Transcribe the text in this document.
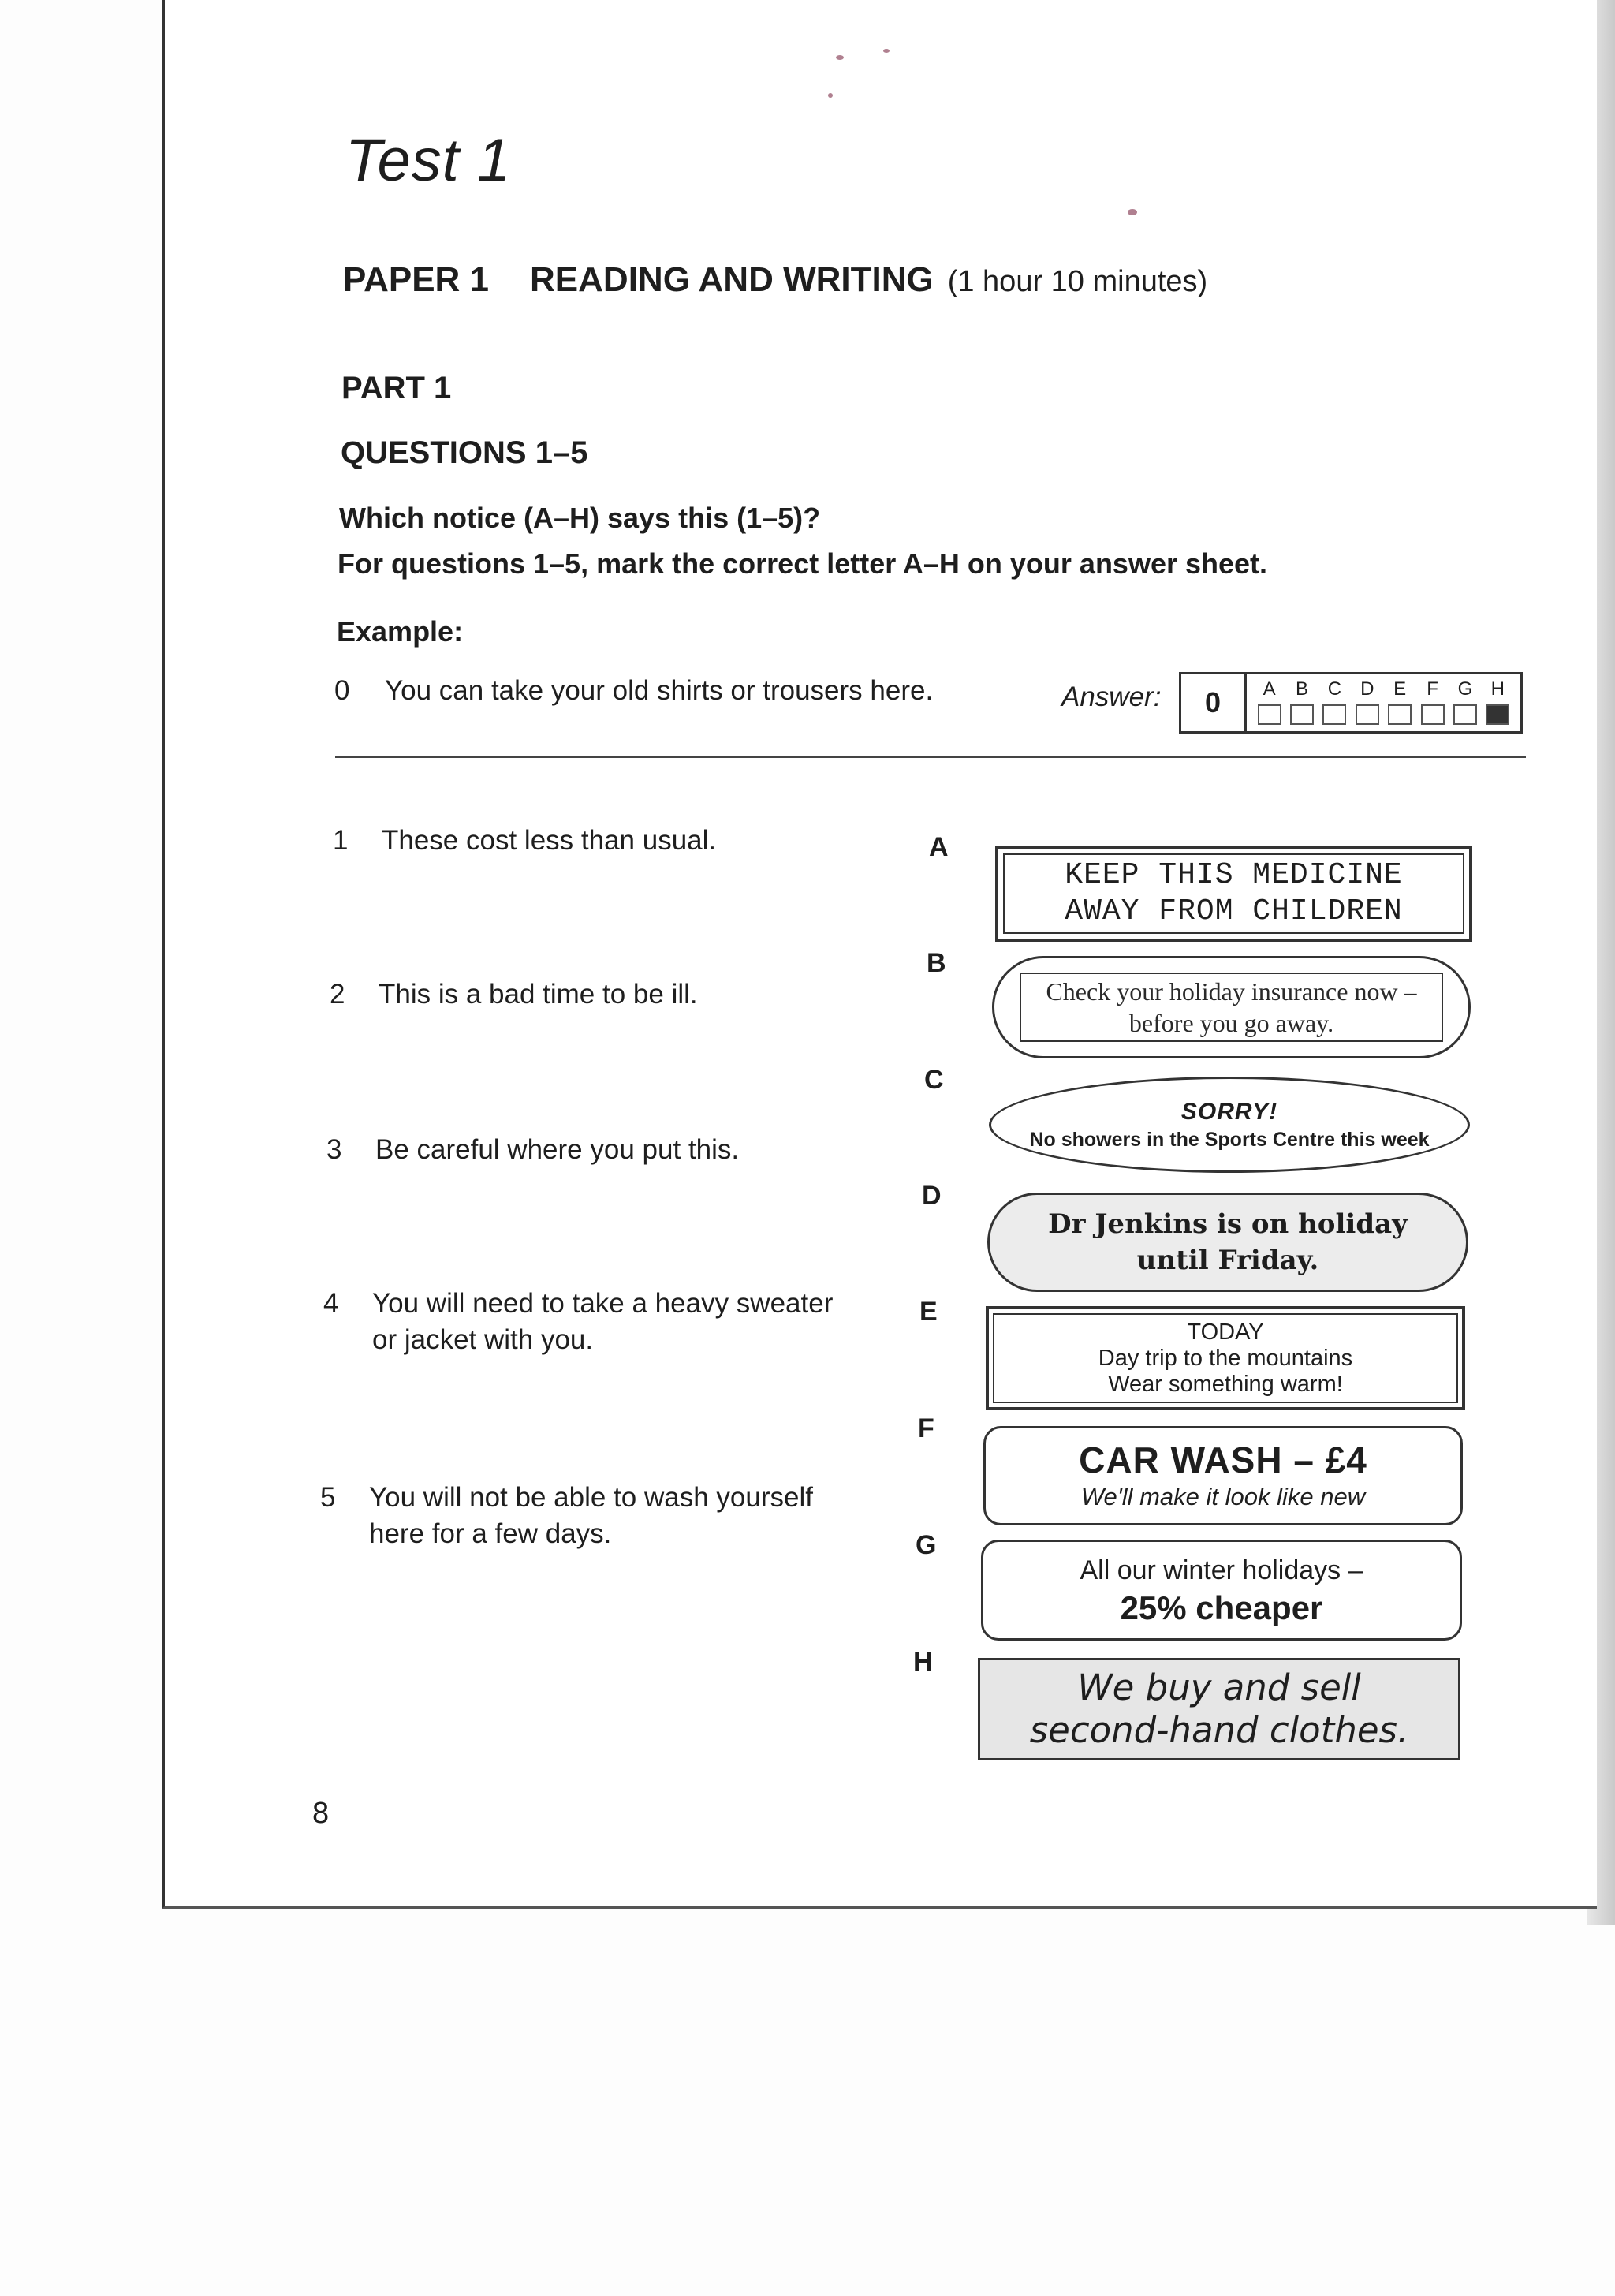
Test 1
PAPER 1 READING AND WRITING (1 hour 10 minutes)
PART 1
QUESTIONS 1–5
Which notice (A–H) says this (1–5)?
For questions 1–5, mark the correct letter A–H on your answer sheet.
Example:
0 You can take your old shirts or trousers here.	Answer:	0	A B C D E F G H
1 These cost less than usual.
2 This is a bad time to be ill.
3 Be careful where you put this.
4 You will need to take a heavy sweater
or jacket with you.
5 You will not be able to wash yourself
here for a few days.
A
B
C
D
E
F
G
H
KEEP THIS MEDICINE
AWAY FROM CHILDREN
Check your holiday insurance now –
before you go away.
SORRY!
No showers in the Sports Centre this week
Dr Jenkins is on holiday
until Friday.
TODAY
Day trip to the mountains
Wear something warm!
CAR WASH – £4
We'll make it look like new
All our winter holidays –
25% cheaper
We buy and sell
second-hand clothes.
8
